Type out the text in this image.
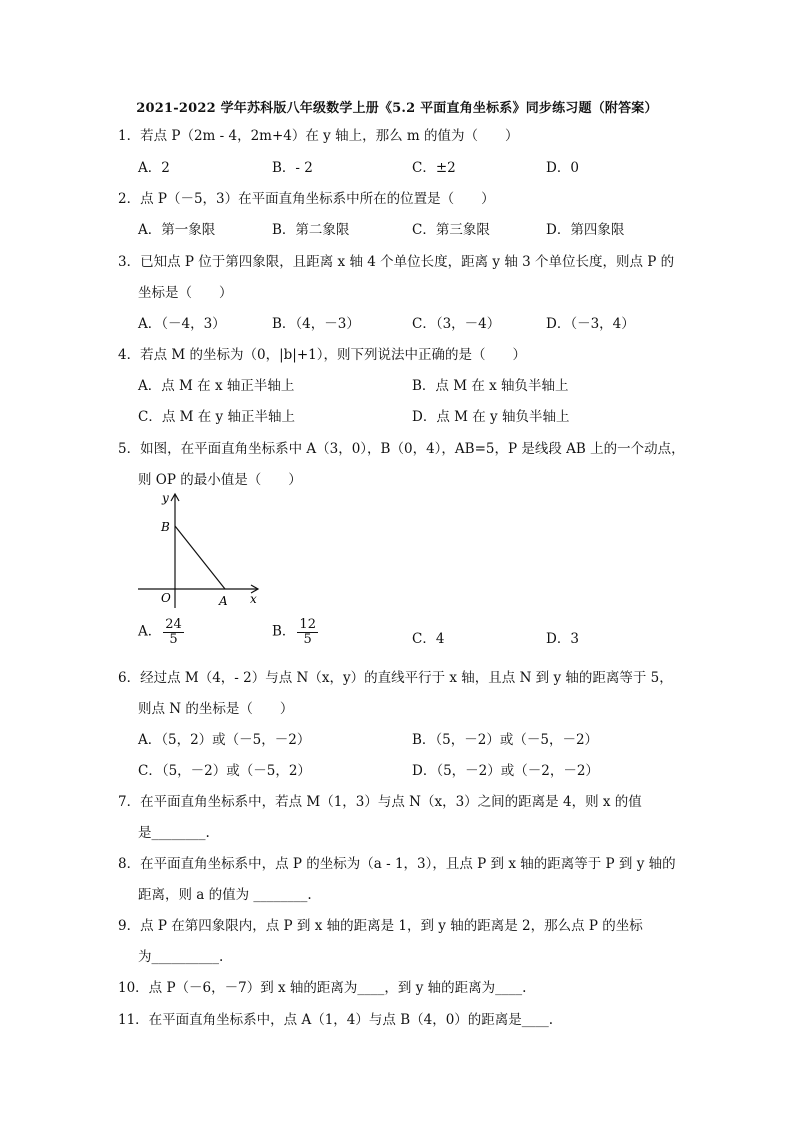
2021-2022 学年苏科版八年级数学上册《5.2 平面直角坐标系》同步练习题（附答案）
1．若点 P（2m - 4，2m+4）在 y 轴上，那么 m 的值为（　　）
A．2	B．- 2	C．±2	D．0
2．点 P（－5，3）在平面直角坐标系中所在的位置是（　　）
A．第一象限	B．第二象限	C．第三象限	D．第四象限
3．已知点 P 位于第四象限，且距离 x 轴 4 个单位长度，距离 y 轴 3 个单位长度，则点 P 的
坐标是（　　）
A．（－4，3）	B．（4，－3）	C．（3，－4）	D．（－3，4）
4．若点 M 的坐标为（0，|b|+1），则下列说法中正确的是（　　）
A．点 M 在 x 轴正半轴上	B．点 M 在 x 轴负半轴上
C．点 M 在 y 轴正半轴上	D．点 M 在 y 轴负半轴上
5．如图，在平面直角坐标系中 A（3，0），B（0，4），AB=5，P 是线段 AB 上的一个动点，
则 OP 的最小值是（　　）
y
x
B
O	A
A． $\frac{24}{5}$	B． $\frac{12}{5}$	C．4	D．3
6．经过点 M（4，- 2）与点 N（x，y）的直线平行于 x 轴，且点 N 到 y 轴的距离等于 5，
则点 N 的坐标是（　　）
A．（5，2）或（－5，－2）	B．（5，－2）或（－5，－2）
C．（5，－2）或（－5，2）	D．（5，－2）或（－2，－2）
7．在平面直角坐标系中，若点 M（1，3）与点 N（x，3）之间的距离是 4，则 x 的值
是________.
8．在平面直角坐标系中，点 P 的坐标为（a - 1，3），且点 P 到 x 轴的距离等于 P 到 y 轴的
距离，则 a 的值为 ________.
9．点 P 在第四象限内，点 P 到 x 轴的距离是 1，到 y 轴的距离是 2，那么点 P 的坐标
为__________.
10．点 P（－6，－7）到 x 轴的距离为____，到 y 轴的距离为____.
11．在平面直角坐标系中，点 A（1，4）与点 B（4，0）的距离是____.
